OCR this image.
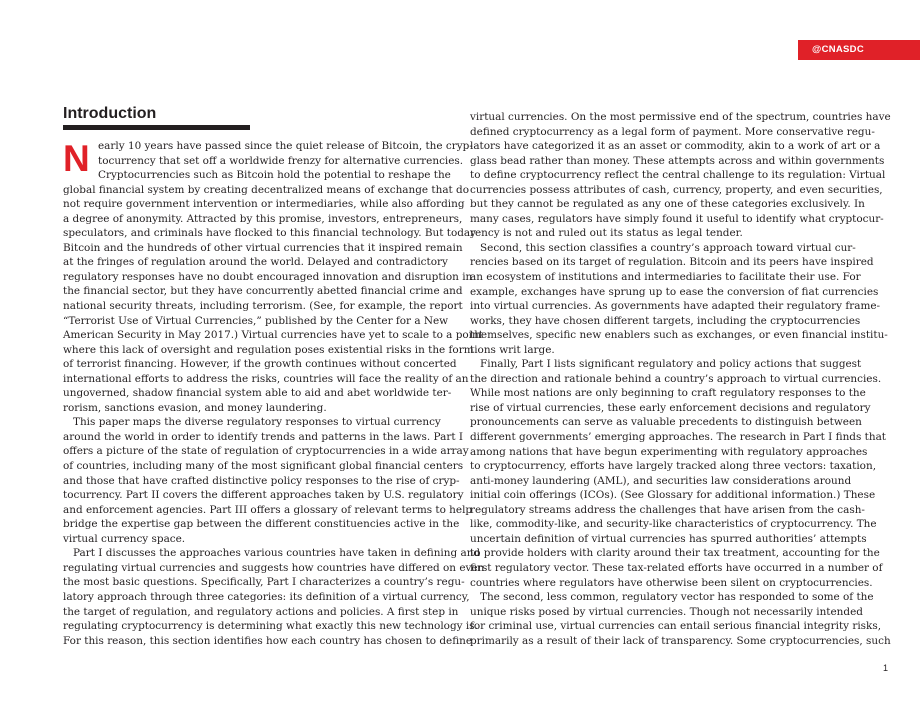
@CNASDC
Introduction

N early 10 years have passed since the quiet release of Bitcoin, the cryp-
tocurrency that set off a worldwide frenzy for alternative currencies.
Cryptocurrencies such as Bitcoin hold the potential to reshape the
global financial system by creating decentralized means of exchange that do
not require government intervention or intermediaries, while also affording
a degree of anonymity. Attracted by this promise, investors, entrepreneurs,
speculators, and criminals have flocked to this financial technology. But today
Bitcoin and the hundreds of other virtual currencies that it inspired remain
at the fringes of regulation around the world. Delayed and contradictory
regulatory responses have no doubt encouraged innovation and disruption in
the financial sector, but they have concurrently abetted financial crime and
national security threats, including terrorism. (See, for example, the report
“Terrorist Use of Virtual Currencies,” published by the Center for a New
American Security in May 2017.) Virtual currencies have yet to scale to a point
where this lack of oversight and regulation poses existential risks in the form
of terrorist financing. However, if the growth continues without concerted
international efforts to address the risks, countries will face the reality of an
ungoverned, shadow financial system able to aid and abet worldwide ter-
rorism, sanctions evasion, and money laundering.

This paper maps the diverse regulatory responses to virtual currency
around the world in order to identify trends and patterns in the laws. Part I
offers a picture of the state of regulation of cryptocurrencies in a wide array
of countries, including many of the most significant global financial centers
and those that have crafted distinctive policy responses to the rise of cryp-
tocurrency. Part II covers the different approaches taken by U.S. regulatory
and enforcement agencies. Part III offers a glossary of relevant terms to help
bridge the expertise gap between the different constituencies active in the
virtual currency space.

Part I discusses the approaches various countries have taken in defining and
regulating virtual currencies and suggests how countries have differed on even
the most basic questions. Specifically, Part I characterizes a country’s regu-
latory approach through three categories: its definition of a virtual currency,
the target of regulation, and regulatory actions and policies. A first step in
regulating cryptocurrency is determining what exactly this new technology is.
For this reason, this section identifies how each country has chosen to define

virtual currencies. On the most permissive end of the spectrum, countries have
defined cryptocurrency as a legal form of payment. More conservative regu-
lators have categorized it as an asset or commodity, akin to a work of art or a
glass bead rather than money. These attempts across and within governments
to define cryptocurrency reflect the central challenge to its regulation: Virtual
currencies possess attributes of cash, currency, property, and even securities,
but they cannot be regulated as any one of these categories exclusively. In
many cases, regulators have simply found it useful to identify what cryptocur-
rency is not and ruled out its status as legal tender.

Second, this section classifies a country’s approach toward virtual cur-
rencies based on its target of regulation. Bitcoin and its peers have inspired
an ecosystem of institutions and intermediaries to facilitate their use. For
example, exchanges have sprung up to ease the conversion of fiat currencies
into virtual currencies. As governments have adapted their regulatory frame-
works, they have chosen different targets, including the cryptocurrencies
themselves, specific new enablers such as exchanges, or even financial institu-
tions writ large.

Finally, Part I lists significant regulatory and policy actions that suggest
the direction and rationale behind a country’s approach to virtual currencies.
While most nations are only beginning to craft regulatory responses to the
rise of virtual currencies, these early enforcement decisions and regulatory
pronouncements can serve as valuable precedents to distinguish between
different governments’ emerging approaches. The research in Part I finds that
among nations that have begun experimenting with regulatory approaches
to cryptocurrency, efforts have largely tracked along three vectors: taxation,
anti-money laundering (AML), and securities law considerations around
initial coin offerings (ICOs). (See Glossary for additional information.) These
regulatory streams address the challenges that have arisen from the cash-
like, commodity-like, and security-like characteristics of cryptocurrency. The
uncertain definition of virtual currencies has spurred authorities’ attempts
to provide holders with clarity around their tax treatment, accounting for the
first regulatory vector. These tax-related efforts have occurred in a number of
countries where regulators have otherwise been silent on cryptocurrencies.

The second, less common, regulatory vector has responded to some of the
unique risks posed by virtual currencies. Though not necessarily intended
for criminal use, virtual currencies can entail serious financial integrity risks,
primarily as a result of their lack of transparency. Some cryptocurrencies, such

1
